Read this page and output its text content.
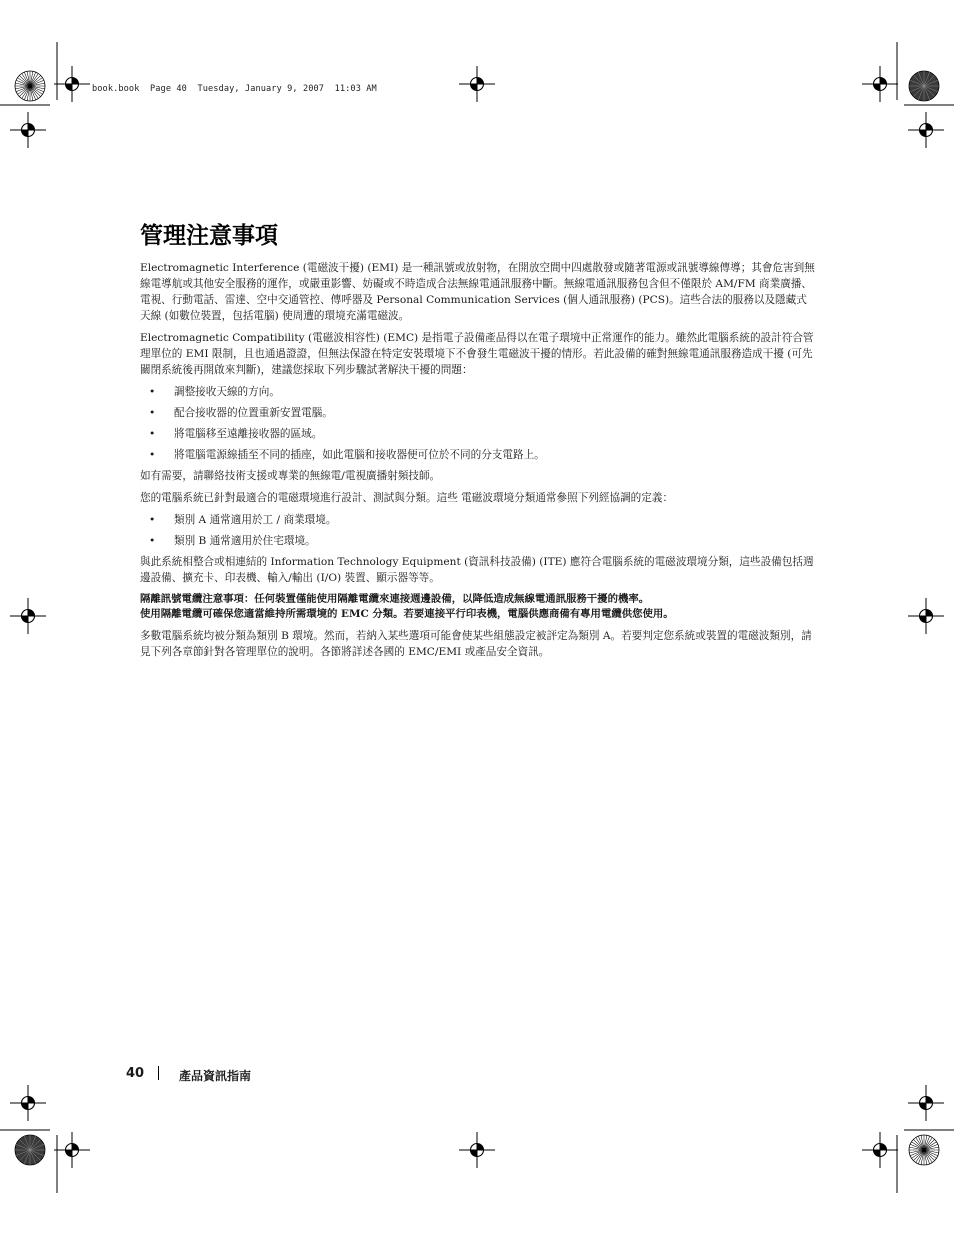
book.book  Page 40  Tuesday, January 9, 2007  11:03 AM
管理注意事項

Electromagnetic Interference (電磁波干擾) (EMI) 是一種訊號或放射物，在開放空間中四處散發或隨著電源或訊號導線傳導；其會危害到無線電導航或其他安全服務的運作，或嚴重影響、妨礙或不時造成合法無線電通訊服務中斷。無線電通訊服務包含但不僅限於 AM/FM 商業廣播、電視、行動電話、雷達、空中交通管控、傳呼器及 Personal Communication Services (個人通訊服務) (PCS)。這些合法的服務以及隱藏式天線 (如數位裝置，包括電腦) 使周遭的環境充滿電磁波。

Electromagnetic Compatibility (電磁波相容性) (EMC) 是指電子設備產品得以在電子環境中正常運作的能力。雖然此電腦系統的設計符合管理單位的 EMI 限制，且也通過證證，但無法保證在特定安裝環境下不會發生電磁波干擾的情形。若此設備的確對無線電通訊服務造成干擾 (可先關閉系統後再開啟來判斷)，建議您採取下列步驟試著解決干擾的問題：

• 調整接收天線的方向。
• 配合接收器的位置重新安置電腦。
• 將電腦移至遠離接收器的區域。
• 將電腦電源線插至不同的插座，如此電腦和接收器便可位於不同的分支電路上。

如有需要，請聯絡技術支援或專業的無線電/電視廣播射頻技師。

您的電腦系統已針對最適合的電磁環境進行設計、測試與分類。這些 電磁波環境分類通常參照下列經協調的定義：

• 類別 A 通常適用於工 / 商業環境。
• 類別 B 通常適用於住宅環境。

與此系統相整合或相連結的 Information Technology Equipment (資訊科技設備) (ITE) 應符合電腦系統的電磁波環境分類，這些設備包括週邊設備、擴充卡、印表機、輸入/輸出 (I/O) 裝置、顯示器等等。

隔離訊號電纜注意事項：任何裝置僅能使用隔離電纜來連接週邊設備，以降低造成無線電通訊服務干擾的機率。
使用隔離電纜可確保您適當維持所需環境的 EMC 分類。若要連接平行印表機，電腦供應商備有專用電纜供您使用。

多數電腦系統均被分類為類別 B 環境。然而，若納入某些選項可能會使某些組態設定被評定為類別 A。若要判定您系統或裝置的電磁波類別，請見下列各章節針對各管理單位的說明。各節將詳述各國的 EMC/EMI 或產品安全資訊。

40	產品資訊指南
